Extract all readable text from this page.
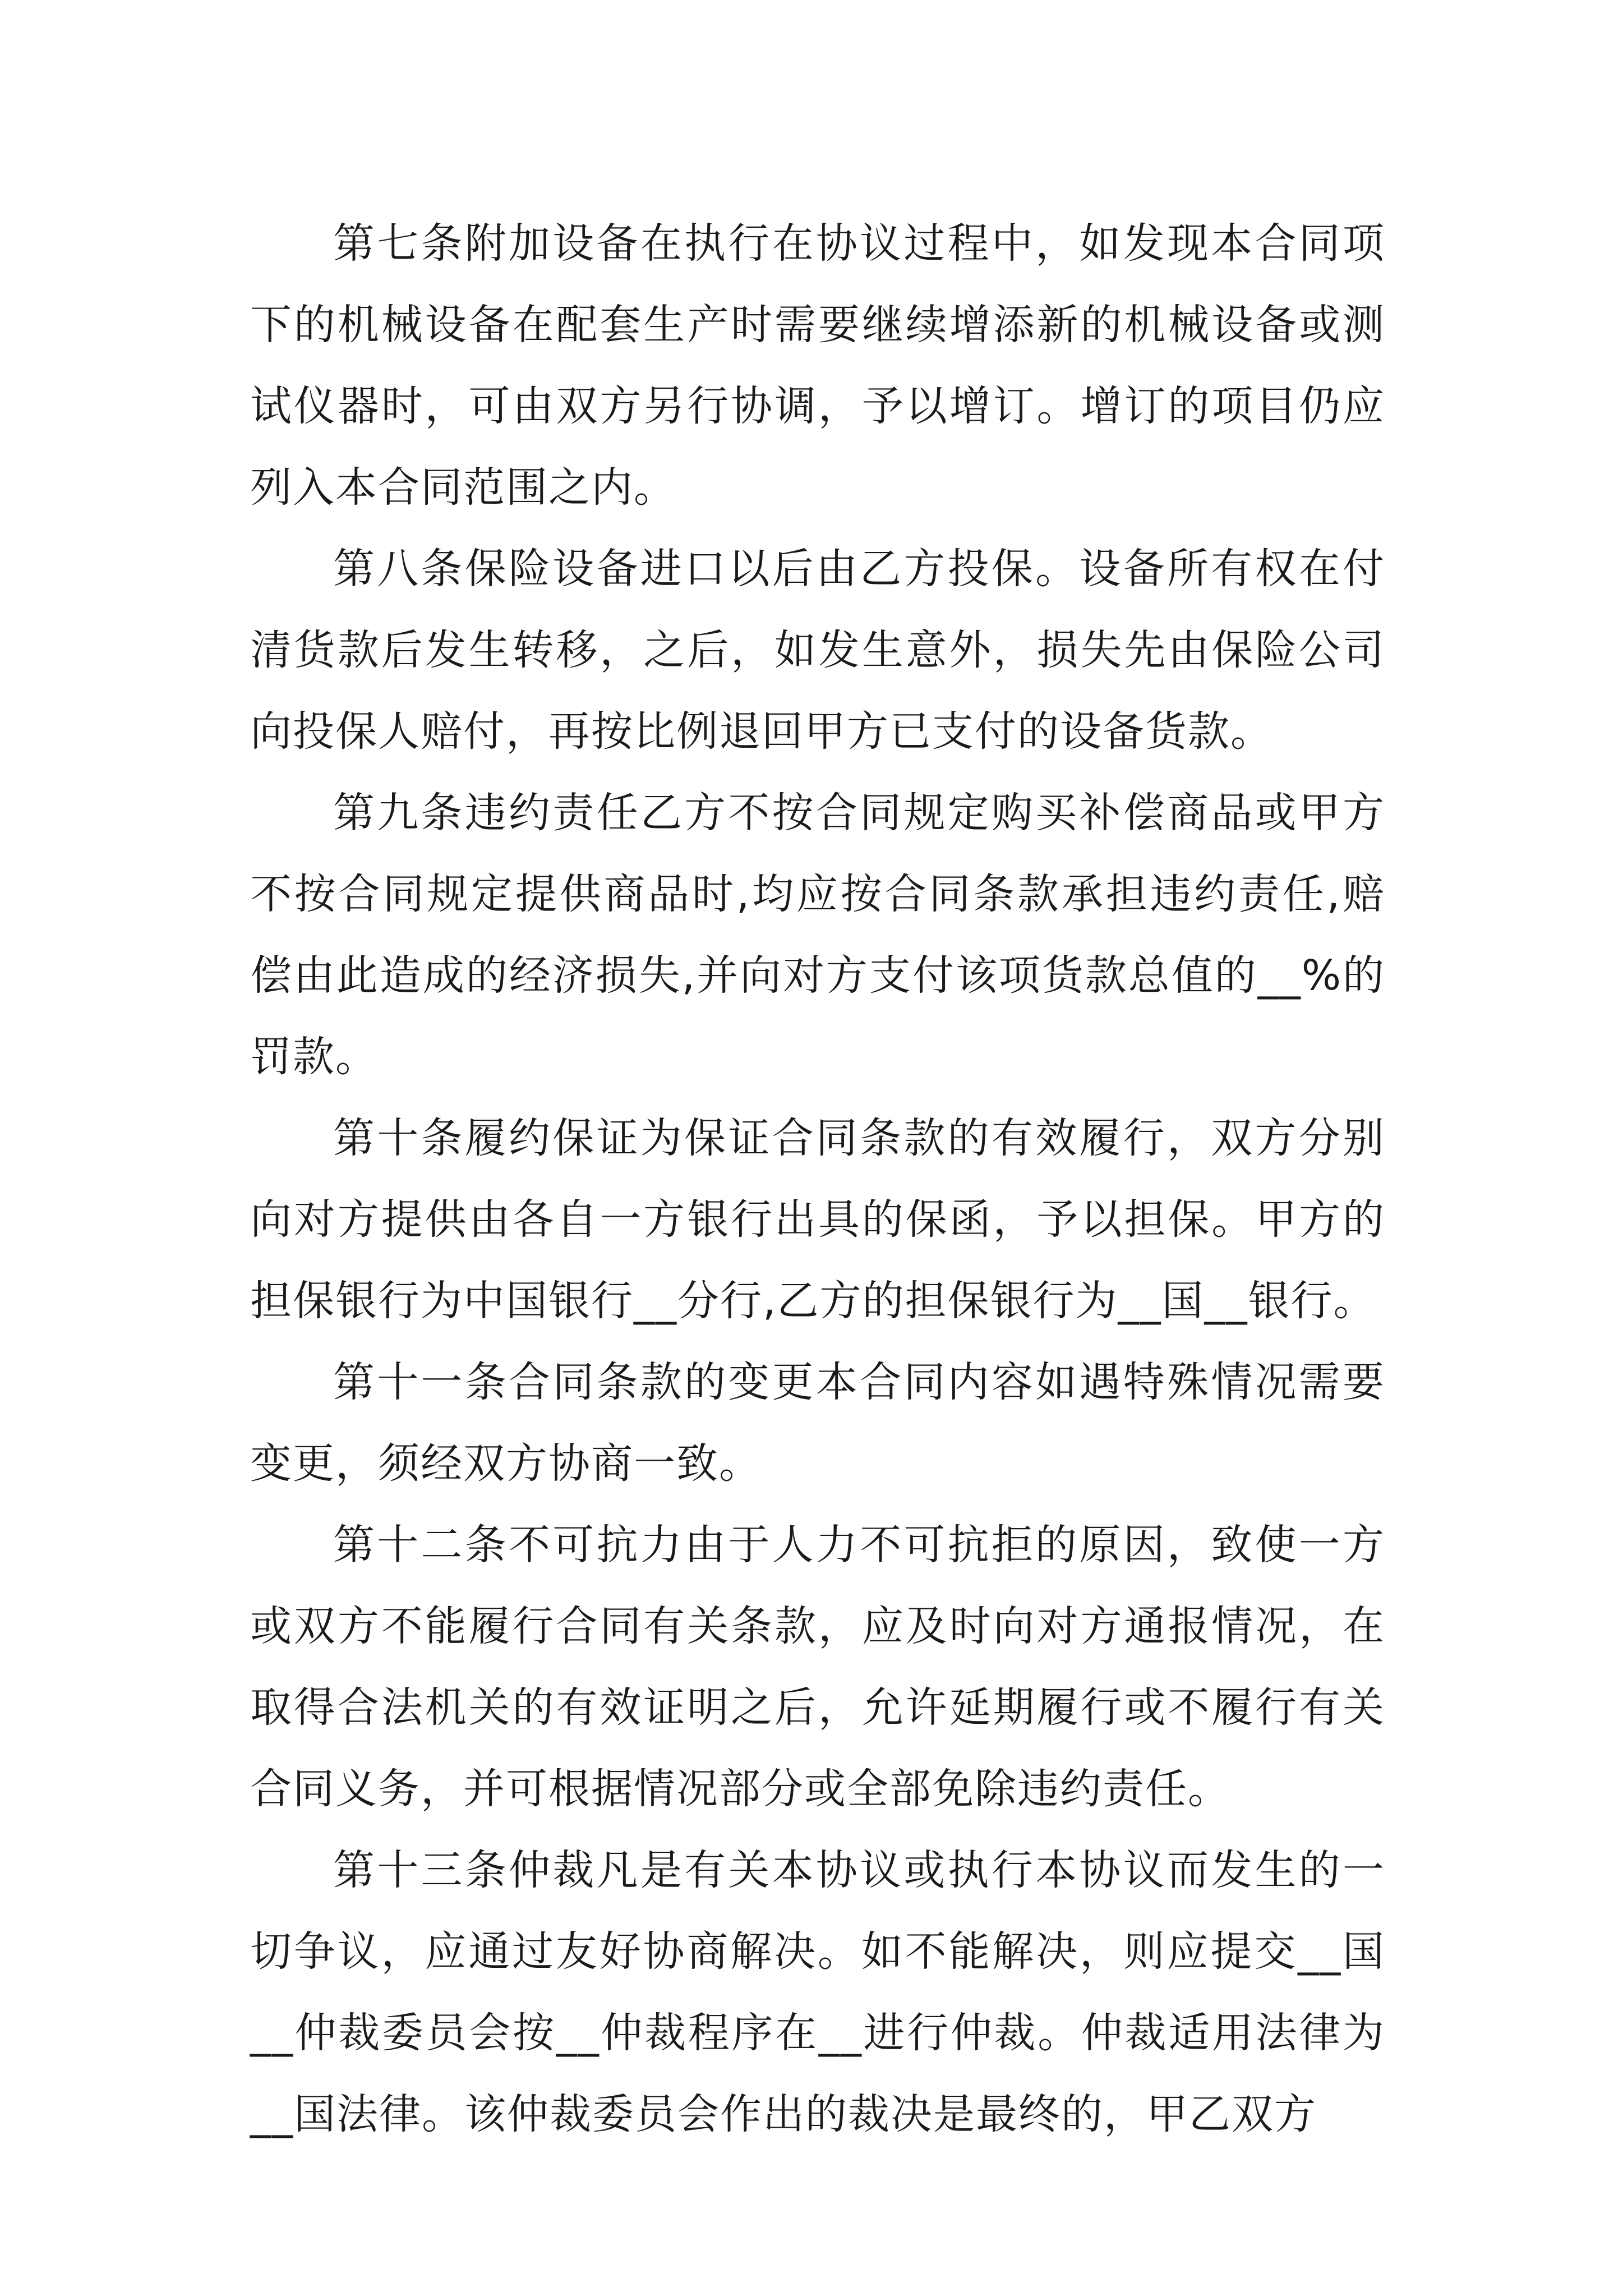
第七条附加设备在执行在协议过程中，如发现本合同项下的机械设备在配套生产时需要继续增添新的机械设备或测试仪器时，可由双方另行协调，予以增订。增订的项目仍应列入本合同范围之内。

第八条保险设备进口以后由乙方投保。设备所有权在付清货款后发生转移，之后，如发生意外，损失先由保险公司向投保人赔付，再按比例退回甲方已支付的设备货款。

第九条违约责任乙方不按合同规定购买补偿商品或甲方不按合同规定提供商品时,均应按合同条款承担违约责任,赔偿由此造成的经济损失,并向对方支付该项货款总值的__%的罚款。

第十条履约保证为保证合同条款的有效履行，双方分别向对方提供由各自一方银行出具的保函，予以担保。甲方的担保银行为中国银行__分行,乙方的担保银行为__国__银行。

第十一条合同条款的变更本合同内容如遇特殊情况需要变更，须经双方协商一致。

第十二条不可抗力由于人力不可抗拒的原因，致使一方或双方不能履行合同有关条款，应及时向对方通报情况，在取得合法机关的有效证明之后，允许延期履行或不履行有关合同义务，并可根据情况部分或全部免除违约责任。

第十三条仲裁凡是有关本协议或执行本协议而发生的一切争议，应通过友好协商解决。如不能解决，则应提交__国__仲裁委员会按__仲裁程序在__进行仲裁。仲裁适用法律为__国法律。该仲裁委员会作出的裁决是最终的，甲乙双方
